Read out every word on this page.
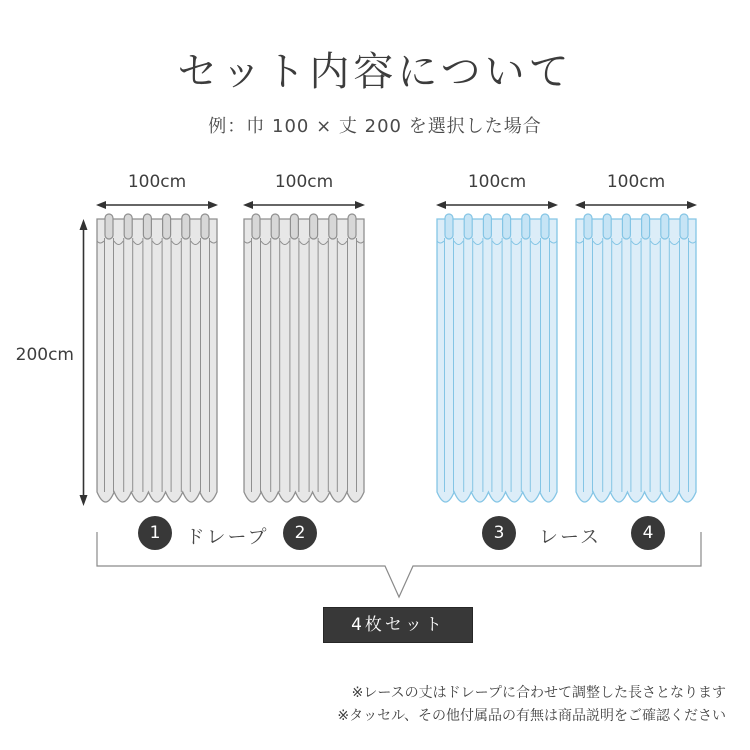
セット内容について
例：巾 100 × 丈 200 を選択した場合
100cm	100cm	100cm	100cm
200cm
1	2	3	4
ドレープ	レース
4枚セット
※レースの丈はドレープに合わせて調整した長さとなります
※タッセル、その他付属品の有無は商品説明をご確認ください
